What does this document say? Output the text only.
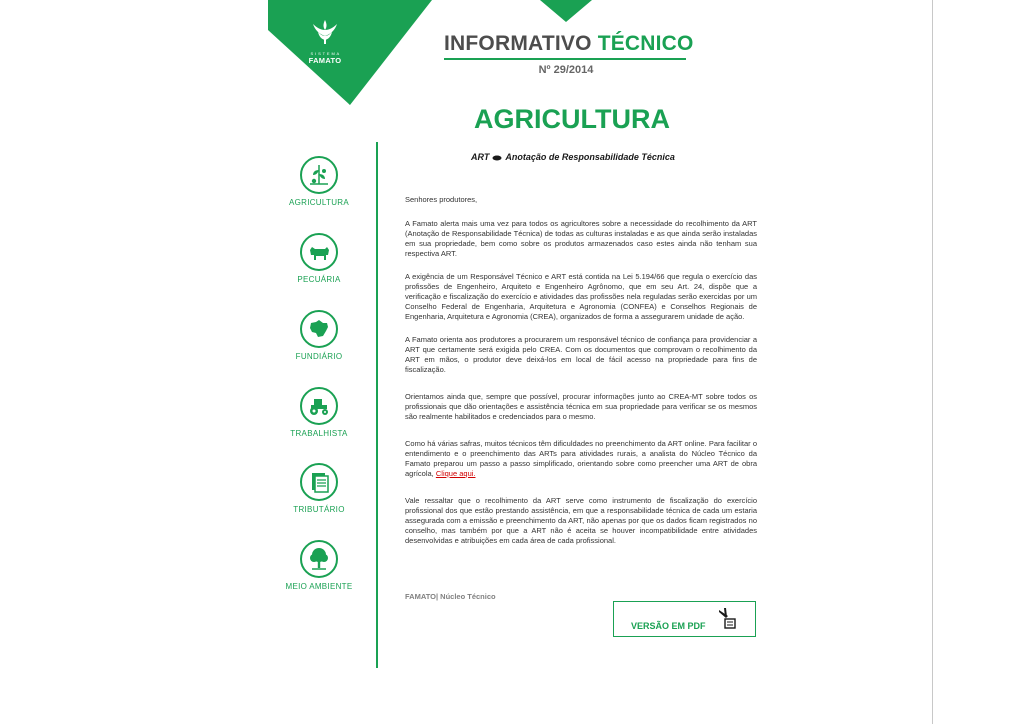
S I S T E M A
FAMATO
INFORMATIVO TÉCNICO
Nº 29/2014
AGRICULTURA
ART Anotação de Responsabilidade Técnica
AGRICULTURA
PECUÁRIA
FUNDIÁRIO
TRABALHISTA
TRIBUTÁRIO
MEIO AMBIENTE

Senhores produtores,

A Famato alerta mais uma vez para todos os agricultores sobre a necessidade do recolhimento da ART (Anotação de Responsabilidade Técnica) de todas as culturas instaladas e as que ainda serão instaladas em sua propriedade, bem como sobre os produtos armazenados caso estes ainda não tenham sua respectiva ART.

A exigência de um Responsável Técnico e ART está contida na Lei 5.194/66 que regula o exercício das profissões de Engenheiro, Arquiteto e Engenheiro Agrônomo, que em seu Art. 24, dispõe que a verificação e fiscalização do exercício e atividades das profissões nela reguladas serão exercidas por um Conselho Federal de Engenharia, Arquitetura e Agronomia (CONFEA) e Conselhos Regionais de Engenharia, Arquitetura e Agronomia (CREA), organizados de forma a assegurarem unidade de ação.

A Famato orienta aos produtores a procurarem um responsável técnico de confiança para providenciar a ART que certamente será exigida pelo CREA. Com os documentos que comprovam o recolhimento da ART em mãos, o produtor deve deixá-los em local de fácil acesso na propriedade para fins de fiscalização.

Orientamos ainda que, sempre que possível, procurar informações junto ao CREA-MT sobre todos os profissionais que dão orientações e assistência técnica em sua propriedade para verificar se os mesmos são realmente habilitados e credenciados para o mesmo.

Como há várias safras, muitos técnicos têm dificuldades no preenchimento da ART online. Para facilitar o entendimento e o preenchimento das ARTs para atividades rurais, a analista do Núcleo Técnico da Famato preparou um passo a passo simplificado, orientando sobre como preencher uma ART de obra agrícola, Clique aqui.

Vale ressaltar que o recolhimento da ART serve como instrumento de fiscalização do exercício profissional dos que estão prestando assistência, em que a responsabilidade técnica de cada um estaria assegurada com a emissão e preenchimento da ART, não apenas por que os dados ficam registrados no conselho, mas também por que a ART não é aceita se houver incompatibilidade entre atividades desenvolvidas e atribuições em cada área de cada profissional.

FAMATO| Núcleo Técnico
VERSÃO EM PDF
